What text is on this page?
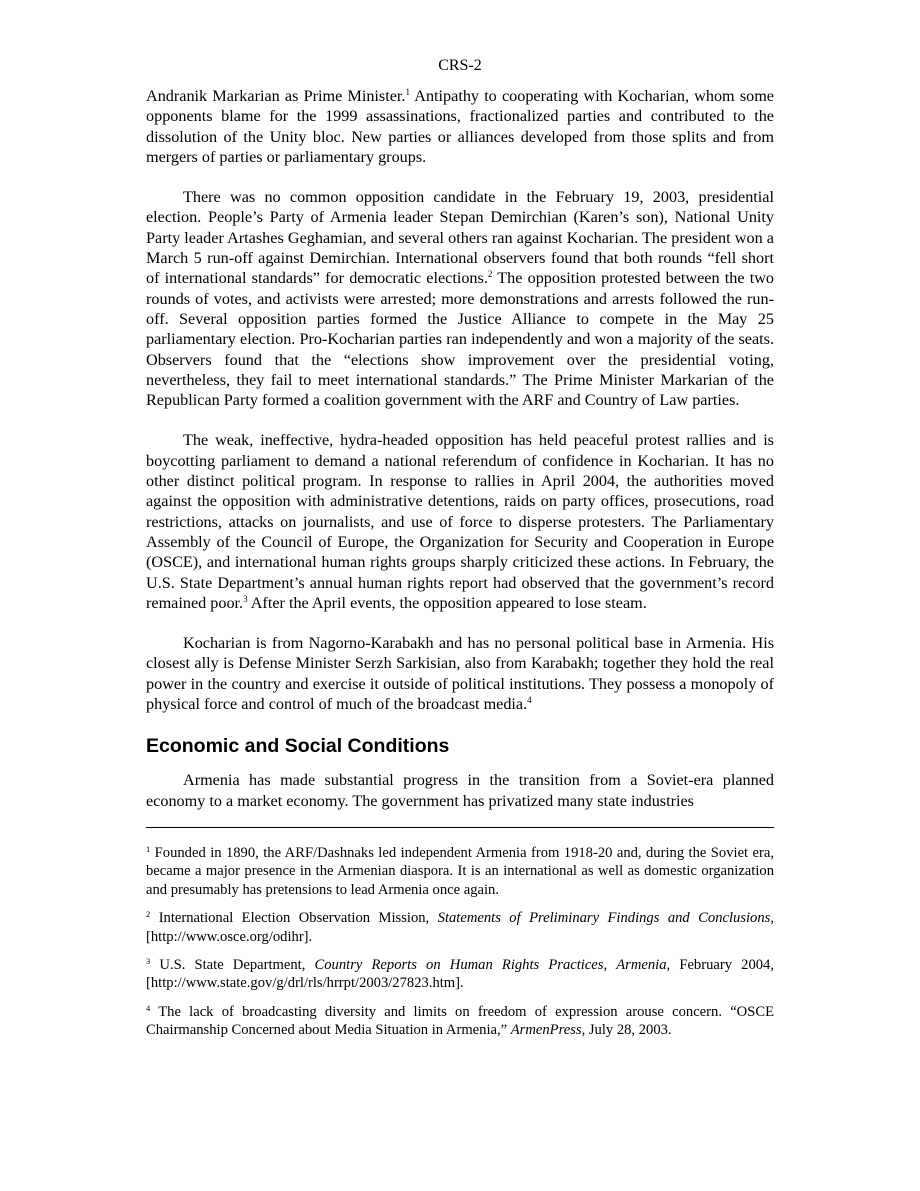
CRS-2

Andranik Markarian as Prime Minister.$^1$ Antipathy to cooperating with Kocharian, whom some opponents blame for the 1999 assassinations, fractionalized parties and contributed to the dissolution of the Unity bloc. New parties or alliances developed from those splits and from mergers of parties or parliamentary groups.

There was no common opposition candidate in the February 19, 2003, presidential election. People’s Party of Armenia leader Stepan Demirchian (Karen’s son), National Unity Party leader Artashes Geghamian, and several others ran against Kocharian. The president won a March 5 run-off against Demirchian. International observers found that both rounds “fell short of international standards” for democratic elections.$^2$ The opposition protested between the two rounds of votes, and activists were arrested; more demonstrations and arrests followed the run-off. Several opposition parties formed the Justice Alliance to compete in the May 25 parliamentary election. Pro-Kocharian parties ran independently and won a majority of the seats. Observers found that the “elections show improvement over the presidential voting, nevertheless, they fail to meet international standards.” The Prime Minister Markarian of the Republican Party formed a coalition government with the ARF and Country of Law parties.

The weak, ineffective, hydra-headed opposition has held peaceful protest rallies and is boycotting parliament to demand a national referendum of confidence in Kocharian. It has no other distinct political program. In response to rallies in April 2004, the authorities moved against the opposition with administrative detentions, raids on party offices, prosecutions, road restrictions, attacks on journalists, and use of force to disperse protesters. The Parliamentary Assembly of the Council of Europe, the Organization for Security and Cooperation in Europe (OSCE), and international human rights groups sharply criticized these actions. In February, the U.S. State Department’s annual human rights report had observed that the government’s record remained poor.$^3$ After the April events, the opposition appeared to lose steam.

Kocharian is from Nagorno-Karabakh and has no personal political base in Armenia. His closest ally is Defense Minister Serzh Sarkisian, also from Karabakh; together they hold the real power in the country and exercise it outside of political institutions. They possess a monopoly of physical force and control of much of the broadcast media.$^4$

Economic and Social Conditions

Armenia has made substantial progress in the transition from a Soviet-era planned economy to a market economy. The government has privatized many state industries

$^1$ Founded in 1890, the ARF/Dashnaks led independent Armenia from 1918-20 and, during the Soviet era, became a major presence in the Armenian diaspora. It is an international as well as domestic organization and presumably has pretensions to lead Armenia once again.

$^2$ International Election Observation Mission, Statements of Preliminary Findings and Conclusions, [http://www.osce.org/odihr].

$^3$ U.S. State Department, Country Reports on Human Rights Practices, Armenia, February 2004, [http://www.state.gov/g/drl/rls/hrrpt/2003/27823.htm].

$^4$ The lack of broadcasting diversity and limits on freedom of expression arouse concern. “OSCE Chairmanship Concerned about Media Situation in Armenia,” ArmenPress, July 28, 2003.
